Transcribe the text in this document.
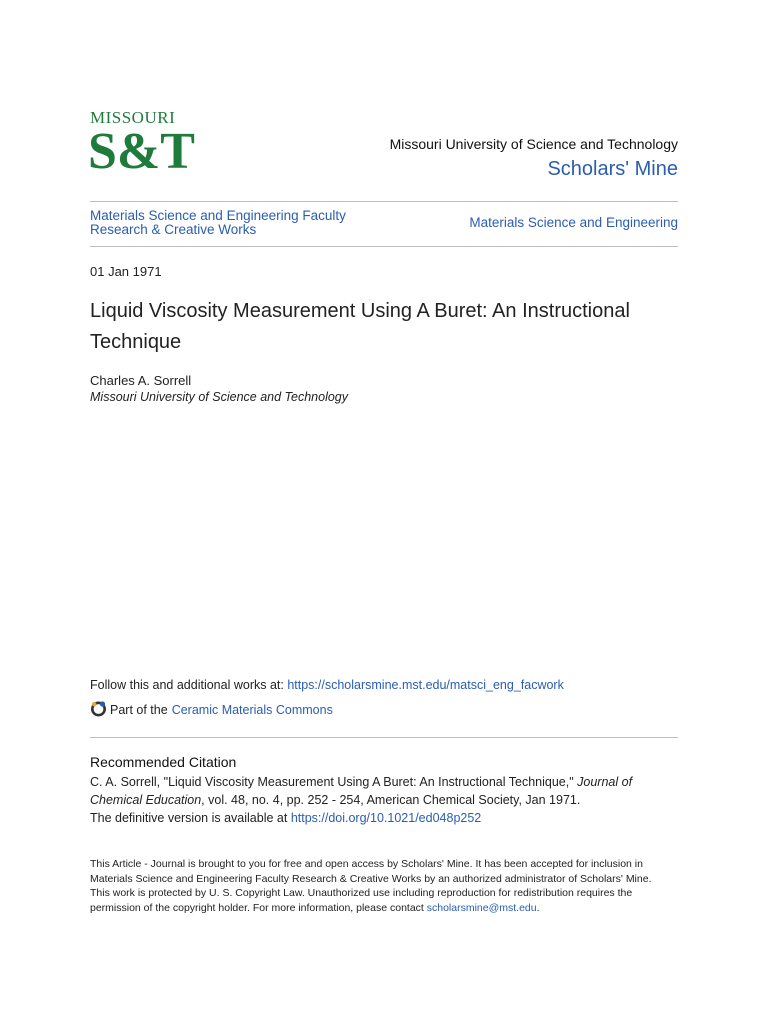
MISSOURI
S&T	Missouri University of Science and Technology
Scholars' Mine
Materials Science and Engineering Faculty Research & Creative Works	Materials Science and Engineering
01 Jan 1971
Liquid Viscosity Measurement Using A Buret: An Instructional Technique
Charles A. Sorrell
Missouri University of Science and Technology
Follow this and additional works at: https://scholarsmine.mst.edu/matsci_eng_facwork
Part of the Ceramic Materials Commons
Recommended Citation
C. A. Sorrell, "Liquid Viscosity Measurement Using A Buret: An Instructional Technique," Journal of Chemical Education, vol. 48, no. 4, pp. 252 - 254, American Chemical Society, Jan 1971.
The definitive version is available at https://doi.org/10.1021/ed048p252
This Article - Journal is brought to you for free and open access by Scholars' Mine. It has been accepted for inclusion in Materials Science and Engineering Faculty Research & Creative Works by an authorized administrator of Scholars' Mine. This work is protected by U. S. Copyright Law. Unauthorized use including reproduction for redistribution requires the permission of the copyright holder. For more information, please contact scholarsmine@mst.edu.
